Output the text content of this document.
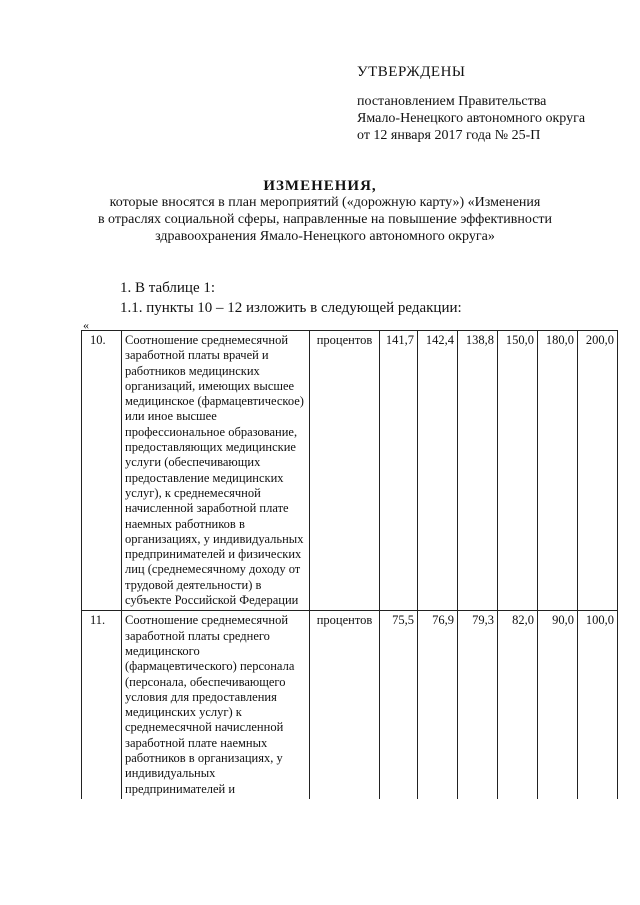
УТВЕРЖДЕНЫ
постановлением Правительства
Ямало-Ненецкого автономного округа
от 12 января 2017 года № 25-П
ИЗМЕНЕНИЯ,
которые вносятся в план мероприятий («дорожную карту») «Изменения
в отраслях социальной сферы, направленные на повышение эффективности
здравоохранения Ямало-Ненецкого автономного округа»
1. В таблице 1:
1.1. пункты 10 – 12 изложить в следующей редакции:
«
10.	Соотношение среднемесячной заработной платы врачей и работников медицинских организаций, имеющих высшее медицинское (фармацевтическое) или иное высшее профессиональное образование, предоставляющих медицинские услуги (обеспечивающих предоставление медицинских услуг), к среднемесячной начисленной заработной плате наемных работников в организациях, у индивидуальных предпринимателей и физических лиц (среднемесячному доходу от трудовой деятельности) в субъекте Российской Федерации	процентов	141,7	142,4	138,8	150,0	180,0	200,0
11.	Соотношение среднемесячной заработной платы среднего медицинского (фармацевтического) персонала (персонала, обеспечивающего условия для предоставления медицинских услуг) к среднемесячной начисленной заработной плате наемных работников в организациях, у индивидуальных предпринимателей и	процентов	75,5	76,9	79,3	82,0	90,0	100,0
